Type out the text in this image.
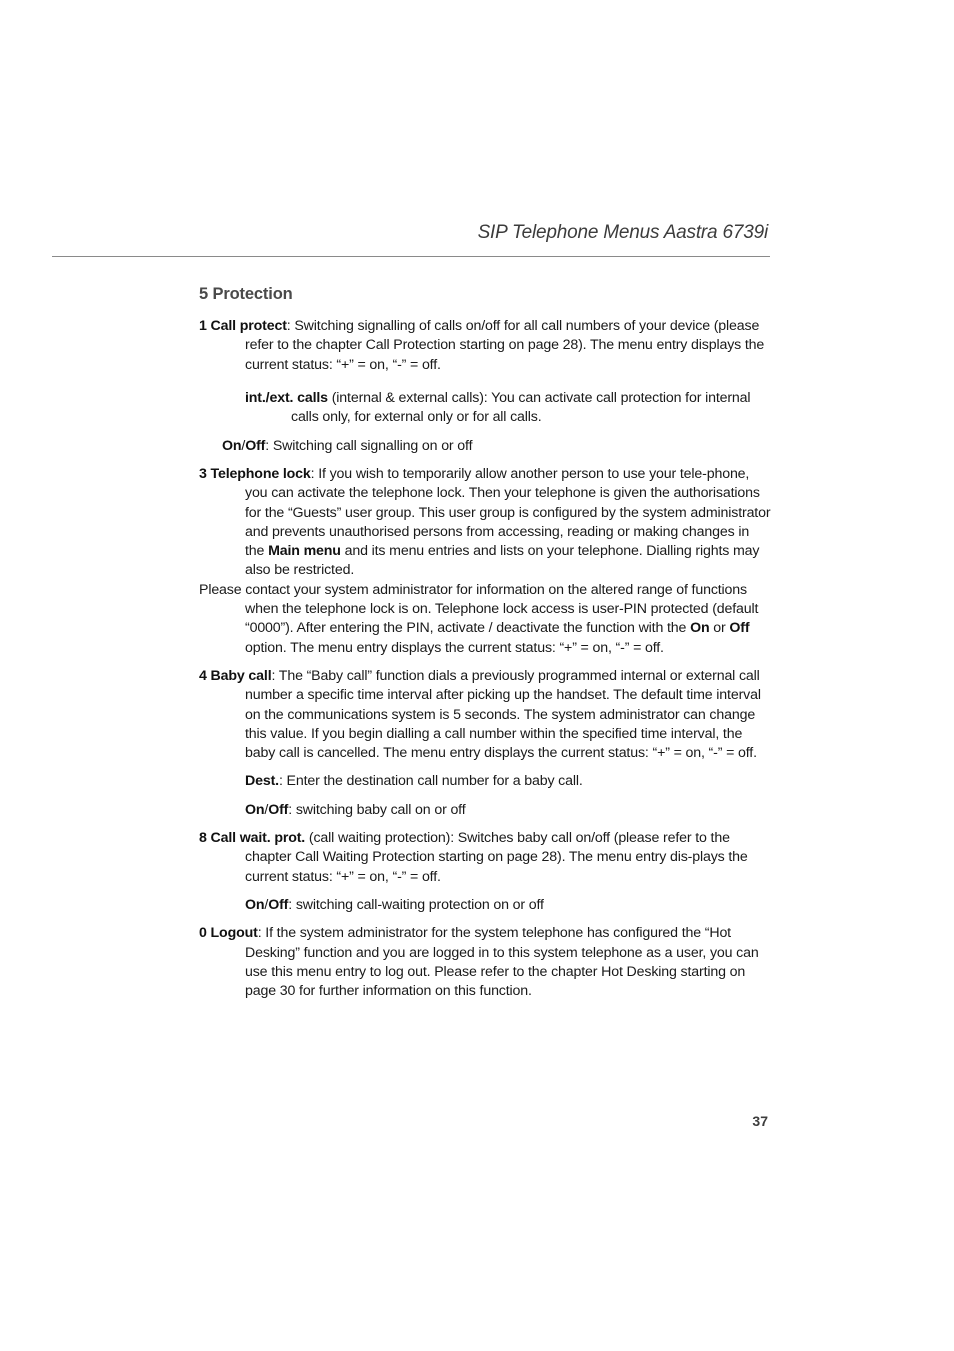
SIP Telephone Menus Aastra 6739i
5 Protection

1 Call protect: Switching signalling of calls on/off for all call numbers of your device (please refer to the chapter Call Protection starting on page 28). The menu entry displays the current status: “+” = on, “-” = off.

int./ext. calls (internal & external calls): You can activate call protection for internal calls only, for external only or for all calls.

On/Off: Switching call signalling on or off

3 Telephone lock: If you wish to temporarily allow another person to use your tele-phone, you can activate the telephone lock. Then your telephone is given the authorisations for the “Guests” user group. This user group is configured by the system administrator and prevents unauthorised persons from accessing, reading or making changes in the Main menu and its menu entries and lists on your telephone. Dialling rights may also be restricted.
Please contact your system administrator for information on the altered range of functions when the telephone lock is on. Telephone lock access is user-PIN protected (default “0000”). After entering the PIN, activate / deactivate the function with the On or Off option. The menu entry displays the current status: “+” = on, “-” = off.

4 Baby call: The “Baby call” function dials a previously programmed internal or external call number a specific time interval after picking up the handset. The default time interval on the communications system is 5 seconds. The system administrator can change this value. If you begin dialling a call number within the specified time interval, the baby call is cancelled. The menu entry displays the current status: “+” = on, “-” = off.

Dest.: Enter the destination call number for a baby call.

On/Off: switching baby call on or off

8 Call wait. prot. (call waiting protection): Switches baby call on/off (please refer to the chapter Call Waiting Protection starting on page 28). The menu entry dis-plays the current status: “+” = on, “-” = off.

On/Off: switching call-waiting protection on or off

0 Logout: If the system administrator for the system telephone has configured the “Hot Desking” function and you are logged in to this system telephone as a user, you can use this menu entry to log out. Please refer to the chapter Hot Desking starting on page 30 for further information on this function.

37
